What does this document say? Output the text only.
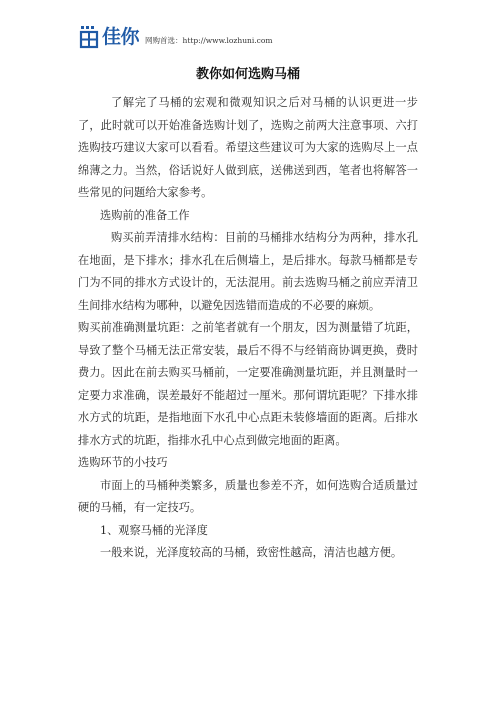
佳你 网购首选：http://www.lozhuni.com
教你如何选购马桶

了解完了马桶的宏观和微观知识之后对马桶的认识更进一步了，此时就可以开始准备选购计划了，选购之前两大注意事项、六打选购技巧建议大家可以看看。希望这些建议可为大家的选购尽上一点绵薄之力。当然，俗话说好人做到底，送佛送到西，笔者也将解答一些常见的问题给大家参考。

选购前的准备工作

购买前弄清排水结构：目前的马桶排水结构分为两种，排水孔在地面，是下排水；排水孔在后侧墙上，是后排水。每款马桶都是专门为不同的排水方式设计的，无法混用。前去选购马桶之前应弄清卫生间排水结构为哪种，以避免因选错而造成的不必要的麻烦。

购买前准确测量坑距：之前笔者就有一个朋友，因为测量错了坑距，导致了整个马桶无法正常安装，最后不得不与经销商协调更换，费时费力。因此在前去购买马桶前，一定要准确测量坑距，并且测量时一定要力求准确，误差最好不能超过一厘米。那何谓坑距呢？下排水排水方式的坑距，是指地面下水孔中心点距未装修墙面的距离。后排水排水方式的坑距，指排水孔中心点到做完地面的距离。

选购环节的小技巧

市面上的马桶种类繁多，质量也参差不齐，如何选购合适质量过硬的马桶，有一定技巧。

1、观察马桶的光泽度

一般来说，光泽度较高的马桶，致密性越高，清洁也越方便。
